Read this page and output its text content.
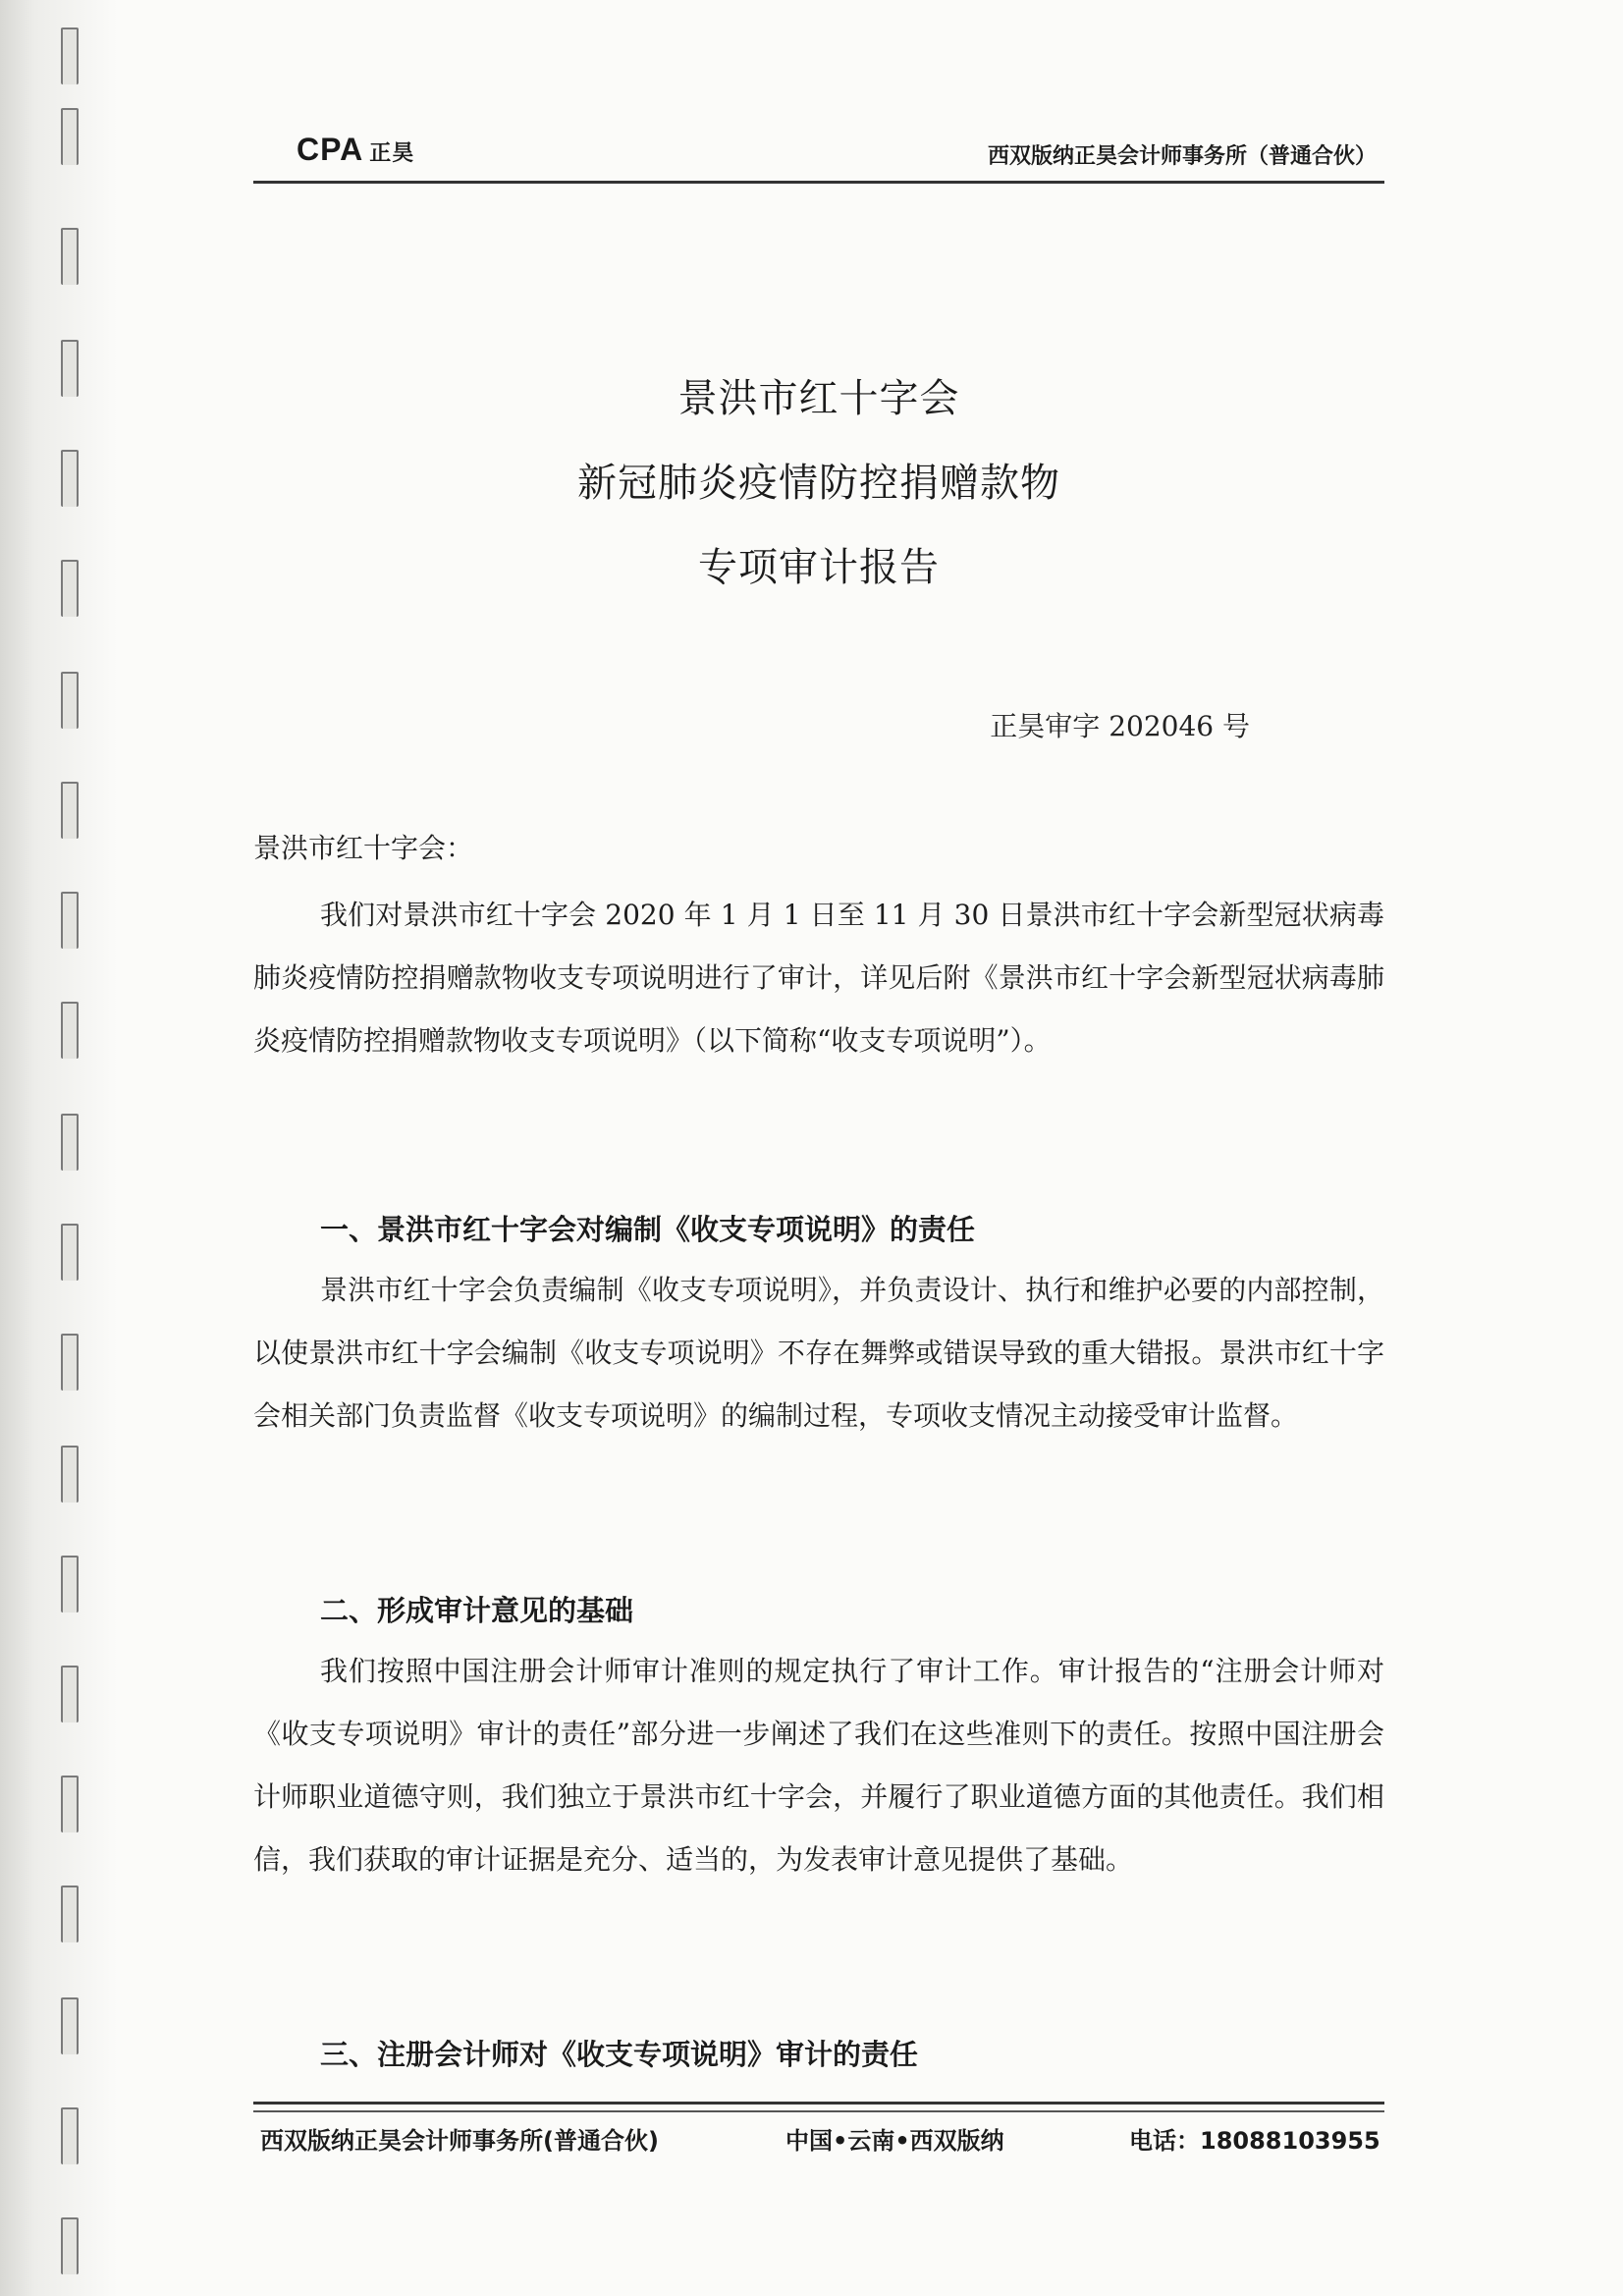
CPA 正昊	西双版纳正昊会计师事务所（普通合伙）
景洪市红十字会
新冠肺炎疫情防控捐赠款物
专项审计报告
正昊审字 202046 号
景洪市红十字会：

我们对景洪市红十字会 2020 年 1 月 1 日至 11 月 30 日景洪市红十字会新型冠状病毒肺炎疫情防控捐赠款物收支专项说明进行了审计，详见后附《景洪市红十字会新型冠状病毒肺炎疫情防控捐赠款物收支专项说明》（以下简称“收支专项说明”）。

一、景洪市红十字会对编制《收支专项说明》的责任

景洪市红十字会负责编制《收支专项说明》，并负责设计、执行和维护必要的内部控制，以使景洪市红十字会编制《收支专项说明》不存在舞弊或错误导致的重大错报。景洪市红十字会相关部门负责监督《收支专项说明》的编制过程，专项收支情况主动接受审计监督。

二、形成审计意见的基础

我们按照中国注册会计师审计准则的规定执行了审计工作。审计报告的“注册会计师对《收支专项说明》审计的责任”部分进一步阐述了我们在这些准则下的责任。按照中国注册会计师职业道德守则，我们独立于景洪市红十字会，并履行了职业道德方面的其他责任。我们相信，我们获取的审计证据是充分、适当的，为发表审计意见提供了基础。

三、注册会计师对《收支专项说明》审计的责任
西双版纳正昊会计师事务所(普通合伙)	中国•云南•西双版纳	电话：18088103955
